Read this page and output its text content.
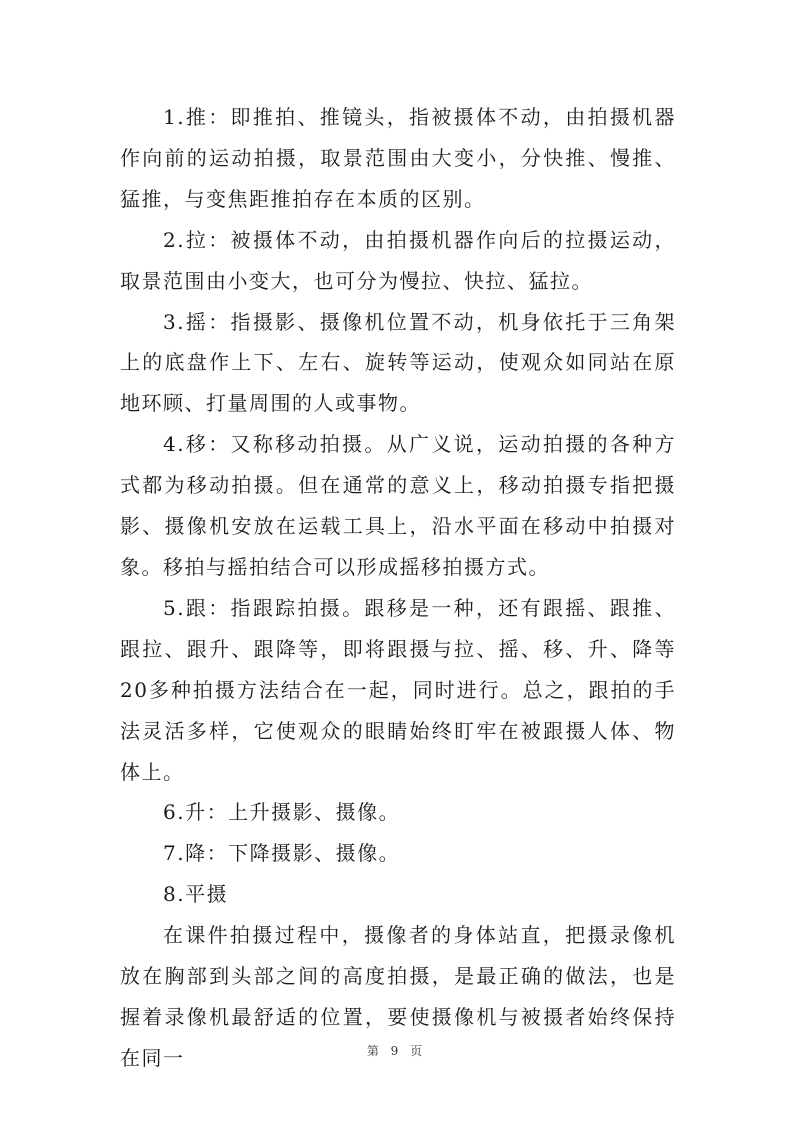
1.推：即推拍、推镜头，指被摄体不动，由拍摄机器作向前的运动拍摄，取景范围由大变小，分快推、慢推、猛推，与变焦距推拍存在本质的区别。

2.拉：被摄体不动，由拍摄机器作向后的拉摄运动，取景范围由小变大，也可分为慢拉、快拉、猛拉。

3.摇：指摄影、摄像机位置不动，机身依托于三角架上的底盘作上下、左右、旋转等运动，使观众如同站在原地环顾、打量周围的人或事物。

4.移：又称移动拍摄。从广义说，运动拍摄的各种方式都为移动拍摄。但在通常的意义上，移动拍摄专指把摄影、摄像机安放在运载工具上，沿水平面在移动中拍摄对象。移拍与摇拍结合可以形成摇移拍摄方式。

5.跟：指跟踪拍摄。跟移是一种，还有跟摇、跟推、跟拉、跟升、跟降等，即将跟摄与拉、摇、移、升、降等20多种拍摄方法结合在一起，同时进行。总之，跟拍的手法灵活多样，它使观众的眼睛始终盯牢在被跟摄人体、物体上。

6.升：上升摄影、摄像。

7.降：下降摄影、摄像。

8.平摄

在课件拍摄过程中，摄像者的身体站直，把摄录像机放在胸部到头部之间的高度拍摄，是最正确的做法，也是握着录像机最舒适的位置，要使摄像机与被摄者始终保持在同一	第 9 页
